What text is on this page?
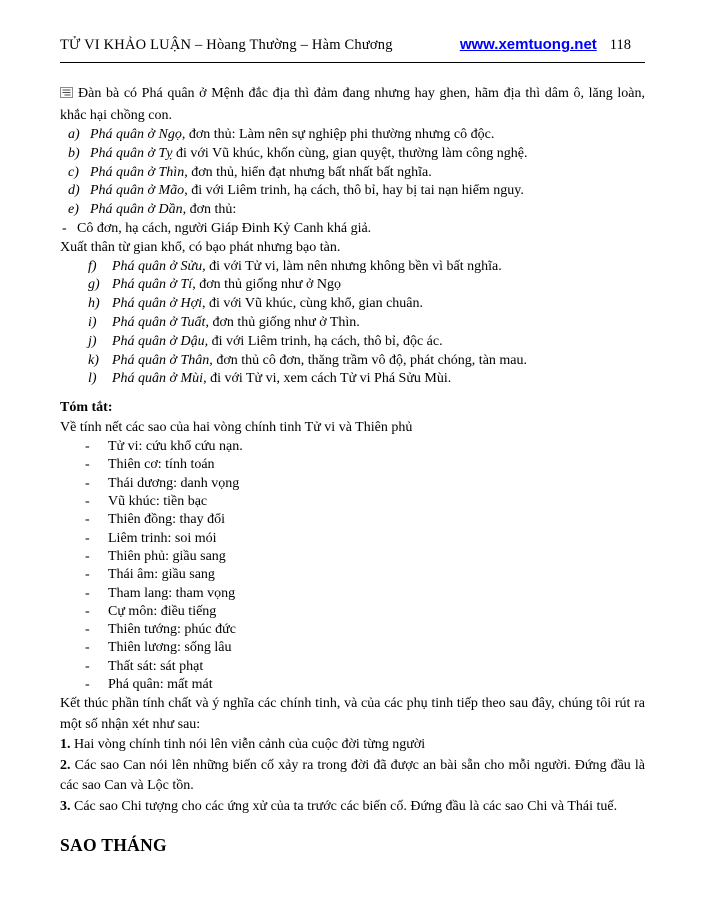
TỬ VI KHẢO LUẬN – Hòang Thường – Hàm Chương	www.xemtuong.net 118
Đàn bà có Phá quân ở Mệnh đắc địa thì đảm đang nhưng hay ghen, hãm địa thì dâm ô, lăng loàn, khắc hại chồng con.
a) Phá quân ở Ngọ, đơn thủ: Làm nên sự nghiệp phi thường nhưng cô độc.
b) Phá quân ở Tỵ đi với Vũ khúc, khốn cùng, gian quyệt, thường làm công nghệ.
c) Phá quân ở Thìn, đơn thủ, hiển đạt nhưng bất nhất bất nghĩa.
d) Phá quân ở Mão, đi với Liêm trinh, hạ cách, thô bỉ, hay bị tai nạn hiểm nguy.
e) Phá quân ở Dần, đơn thủ:
- Cô đơn, hạ cách, người Giáp Đinh Kỷ Canh khá giả.
Xuất thân từ gian khổ, có bạo phát nhưng bạo tàn.
f) Phá quân ở Sửu, đi với Tử vi, làm nên nhưng không bền vì bất nghĩa.
g) Phá quân ở Tí, đơn thủ giống như ở Ngọ
h) Phá quân ở Hợi, đi với Vũ khúc, cùng khổ, gian chuân.
i) Phá quân ở Tuất, đơn thủ giống như ở Thìn.
j) Phá quân ở Dậu, đi với Liêm trinh, hạ cách, thô bỉ, độc ác.
k) Phá quân ở Thân, đơn thủ cô đơn, thăng trầm vô độ, phát chóng, tàn mau.
l) Phá quân ở Mùi, đi với Tử vi, xem cách Tử vi Phá Sửu Mùi.
Tóm tắt:
Về tính nết các sao của hai vòng chính tinh Tử vi và Thiên phủ
- Tử vi: cứu khổ cứu nạn.
- Thiên cơ: tính toán
- Thái dương: danh vọng
- Vũ khúc: tiền bạc
- Thiên đồng: thay đổi
- Liêm trinh: soi mói
- Thiên phủ: giầu sang
- Thái âm: giầu sang
- Tham lang: tham vọng
- Cự môn: điều tiếng
- Thiên tướng: phúc đức
- Thiên lương: sống lâu
- Thất sát: sát phạt
- Phá quân: mất mát
Kết thúc phần tính chất và ý nghĩa các chính tinh, và của các phụ tinh tiếp theo sau đây, chúng tôi rút ra một số nhận xét như sau:
1. Hai vòng chính tinh nói lên viễn cảnh của cuộc đời từng người
2. Các sao Can nói lên những biến cố xảy ra trong đời đã được an bài sẵn cho mỗi người. Đứng đầu là các sao Can và Lộc tồn.
3. Các sao Chi tượng cho các ứng xử của ta trước các biến cố. Đứng đầu là các sao Chi và Thái tuế.
SAO THÁNG
